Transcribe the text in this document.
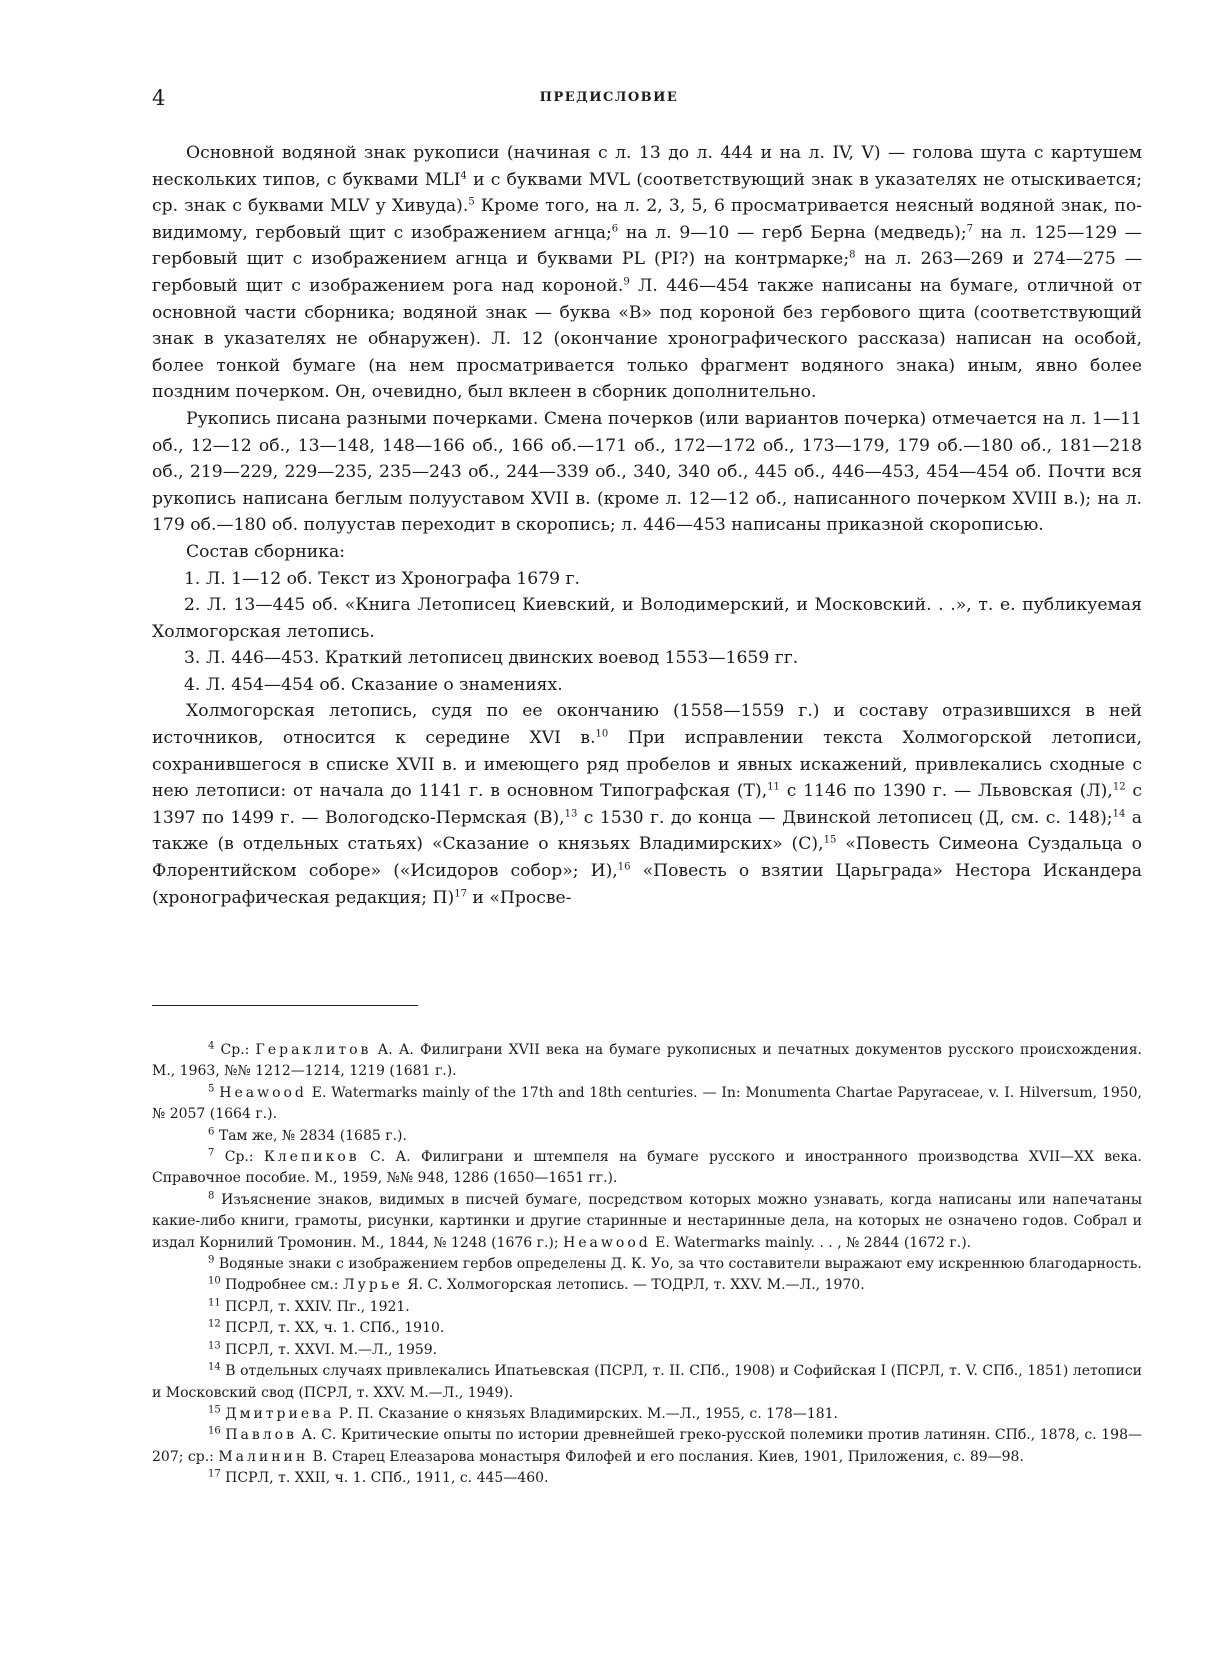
4	ПРЕДИСЛОВИЕ

Основной водяной знак рукописи (начиная с л. 13 до л. 444 и на л. IV, V) — голова шута с картушем нескольких типов, с буквами MLI$^4$ и с буквами MVL (соответствующий знак в указателях не отыскивается; ср. знак с буквами MLV у Хивуда).$^5$ Кроме того, на л. 2, 3, 5, 6 просматривается неясный водяной знак, по-видимому, гербовый щит с изображением агнца;$^6$ на л. 9—10 — герб Берна (медведь);$^7$ на л. 125—129 — гербовый щит с изображением агнца и буквами PL (PI?) на контрмарке;$^8$ на л. 263—269 и 274—275 — гербовый щит с изображением рога над короной.$^9$ Л. 446—454 также написаны на бумаге, отличной от основной части сборника; водяной знак — буква «В» под короной без гербового щита (соответствующий знак в указателях не обнаружен). Л. 12 (окончание хронографического рассказа) написан на особой, более тонкой бумаге (на нем просматривается только фрагмент водяного знака) иным, явно более поздним почерком. Он, очевидно, был вклеен в сборник дополнительно.

Рукопись писана разными почерками. Смена почерков (или вариантов почерка) отмечается на л. 1—11 об., 12—12 об., 13—148, 148—166 об., 166 об.—171 об., 172—172 об., 173—179, 179 об.—180 об., 181—218 об., 219—229, 229—235, 235—243 об., 244—339 об., 340, 340 об., 445 об., 446—453, 454—454 об. Почти вся рукопись написана беглым полууставом XVII в. (кроме л. 12—12 об., написанного почерком XVIII в.); на л. 179 об.—180 об. полуустав переходит в скоропись; л. 446—453 написаны приказной скорописью.

Состав сборника:

1. Л. 1—12 об. Текст из Хронографа 1679 г.

2. Л. 13—445 об. «Книга Летописец Киевский, и Володимерский, и Московский. . .», т. е. публикуемая Холмогорская летопись.

3. Л. 446—453. Краткий летописец двинских воевод 1553—1659 гг.

4. Л. 454—454 об. Сказание о знамениях.

Холмогорская летопись, судя по ее окончанию (1558—1559 г.) и составу отразившихся в ней источников, относится к середине XVI в.$^{10}$ При исправлении текста Холмогорской летописи, сохранившегося в списке XVII в. и имеющего ряд пробелов и явных искажений, привлекались сходные с нею летописи: от начала до 1141 г. в основном Типографская (Т),$^{11}$ с 1146 по 1390 г. — Львовская (Л),$^{12}$ с 1397 по 1499 г. — Вологодско-Пермская (В),$^{13}$ с 1530 г. до конца — Двинской летописец (Д, см. с. 148);$^{14}$ а также (в отдельных статьях) «Сказание о князьях Владимирских» (С),$^{15}$ «Повесть Симеона Суздальца о Флорентийском соборе» («Исидоров собор»; И),$^{16}$ «Повесть о взятии Царьграда» Нестора Искандера (хронографическая редакция; П)$^{17}$ и «Просве-

$^4$ Ср.: Гераклитов А. А. Филиграни XVII века на бумаге рукописных и печатных документов русского происхождения. М., 1963, №№ 1212—1214, 1219 (1681 г.).

$^5$ Heawood E. Watermarks mainly of the 17th and 18th centuries. — In: Monumenta Chartae Papyraceae, v. I. Hilversum, 1950, № 2057 (1664 г.).

$^6$ Там же, № 2834 (1685 г.).

$^7$ Ср.: Клепиков С. А. Филиграни и штемпеля на бумаге русского и иностранного производства XVII—XX века. Справочное пособие. М., 1959, №№ 948, 1286 (1650—1651 гг.).

$^8$ Изъяснение знаков, видимых в писчей бумаге, посредством которых можно узнавать, когда написаны или напечатаны какие-либо книги, грамоты, рисунки, картинки и другие старинные и нестаринные дела, на которых не означено годов. Собрал и издал Корнилий Тромонин. М., 1844, № 1248 (1676 г.); Heawood E. Watermarks mainly. . . , № 2844 (1672 г.).

$^9$ Водяные знаки с изображением гербов определены Д. К. Уо, за что составители выражают ему искреннюю благодарность.

$^{10}$ Подробнее см.: Лурье Я. С. Холмогорская летопись. — ТОДРЛ, т. XXV. М.—Л., 1970.

$^{11}$ ПСРЛ, т. XXIV. Пг., 1921.

$^{12}$ ПСРЛ, т. XX, ч. 1. СПб., 1910.

$^{13}$ ПСРЛ, т. XXVI. М.—Л., 1959.

$^{14}$ В отдельных случаях привлекались Ипатьевская (ПСРЛ, т. II. СПб., 1908) и Софийская I (ПСРЛ, т. V. СПб., 1851) летописи и Московский свод (ПСРЛ, т. XXV. М.—Л., 1949).

$^{15}$ Дмитриева Р. П. Сказание о князьях Владимирских. М.—Л., 1955, с. 178—181.

$^{16}$ Павлов А. С. Критические опыты по истории древнейшей греко-русской полемики против латинян. СПб., 1878, с. 198—207; ср.: Малинин В. Старец Елеазарова монастыря Филофей и его послания. Киев, 1901, Приложения, с. 89—98.

$^{17}$ ПСРЛ, т. XXII, ч. 1. СПб., 1911, с. 445—460.
